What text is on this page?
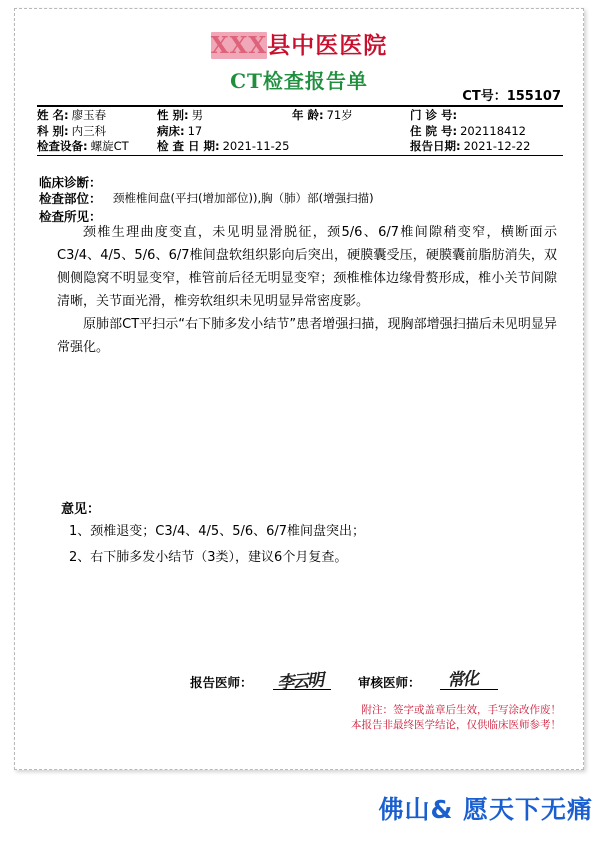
XXX县中医医院
CT检查报告单
CT号：155107
姓 名: 廖玉春	性 别: 男	年 龄: 71岁	门 诊 号:
科 别: 内三科	病床: 17	住 院 号: 202118412
检查设备: 螺旋CT 检 查 日 期: 2021-11-25	报告日期: 2021-12-22
临床诊断：
检查部位： 颈椎椎间盘(平扫(增加部位)),胸（肺）部(增强扫描)
检查所见：

颈椎生理曲度变直，未见明显滑脱征，颈5/6、6/7椎间隙稍变窄，横断面示C3/4、4/5、5/6、6/7椎间盘软组织影向后突出，硬膜囊受压，硬膜囊前脂肪消失，双侧侧隐窝不明显变窄，椎管前后径无明显变窄；颈椎椎体边缘骨赘形成，椎小关节间隙清晰，关节面光滑，椎旁软组织未见明显异常密度影。

原肺部CT平扫示“右下肺多发小结节”患者增强扫描，现胸部增强扫描后未见明显异常强化。

意见：
1、颈椎退变；C3/4、4/5、5/6、6/7椎间盘突出；
2、右下肺多发小结节（3类），建议6个月复查。
报告医师： 李云明	审核医师： 常化
附注：签字或盖章后生效，手写涂改作废！
本报告非最终医学结论，仅供临床医师参考！
佛山& 愿天下无痛
